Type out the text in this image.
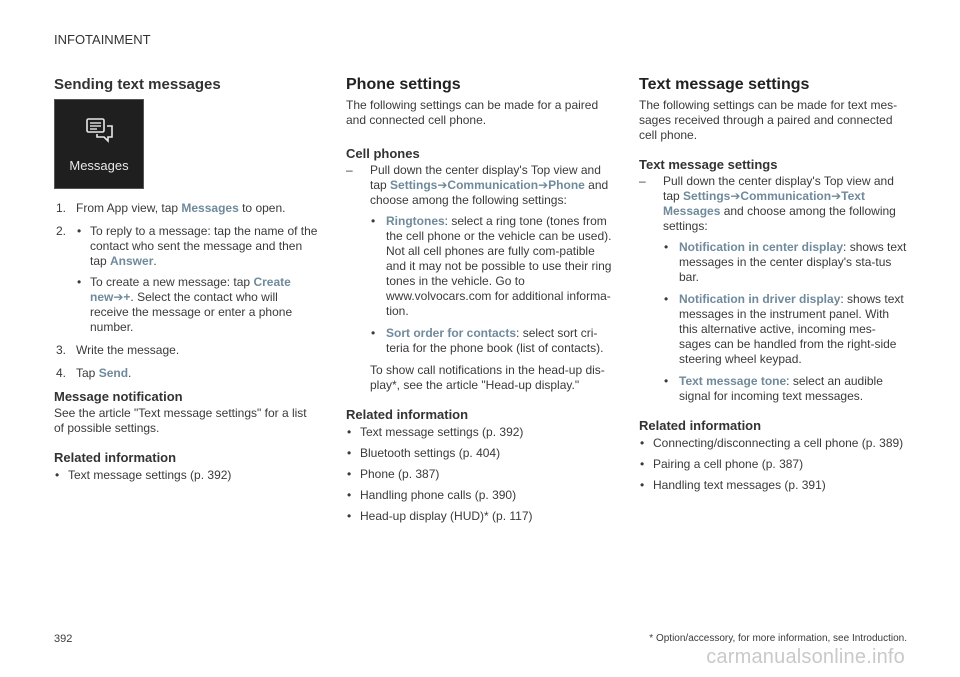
INFOTAINMENT
Sending text messages
Messages
1. From App view, tap Messages to open.
2. • To reply to a message: tap the name of the contact who sent the message and then tap Answer.
• To create a new message: tap Create new➔+. Select the contact who will receive the message or enter a phone number.
3. Write the message.
4. Tap Send.
Message notification

See the article "Text message settings" for a list of possible settings.

Related information
• Text message settings (p. 392)
Phone settings

The following settings can be made for a paired and connected cell phone.

Cell phones
– Pull down the center display's Top view and tap Settings➔Communication➔Phone and choose among the following settings:
• Ringtones: select a ring tone (tones from the cell phone or the vehicle can be used). Not all cell phones are fully com-patible and it may not be possible to use their ring tones in the vehicle. Go to www.volvocars.com for additional informa-tion.
• Sort order for contacts: select sort cri-teria for the phone book (list of contacts).

To show call notifications in the head-up dis-play*, see the article "Head-up display."

Related information
• Text message settings (p. 392)
• Bluetooth settings (p. 404)
• Phone (p. 387)
• Handling phone calls (p. 390)
• Head-up display (HUD)* (p. 117)
Text message settings

The following settings can be made for text mes-sages received through a paired and connected cell phone.

Text message settings
– Pull down the center display's Top view and tap Settings➔Communication➔Text Messages and choose among the following settings:
• Notification in center display: shows text messages in the center display's sta-tus bar.
• Notification in driver display: shows text messages in the instrument panel. With this alternative active, incoming mes-sages can be handled from the right-side steering wheel keypad.
• Text message tone: select an audible signal for incoming text messages.
Related information
• Connecting/disconnecting a cell phone (p. 389)
• Pairing a cell phone (p. 387)
• Handling text messages (p. 391)
392	* Option/accessory, for more information, see Introduction.
carmanualsonline.info
